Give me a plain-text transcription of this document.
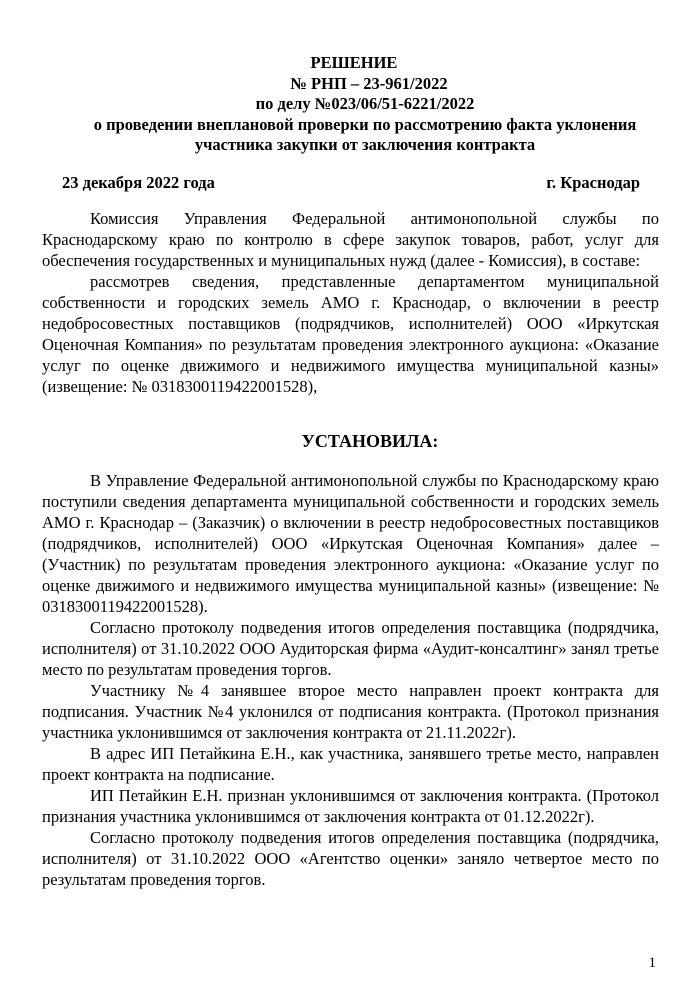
РЕШЕНИЕ
№ РНП – 23-961/2022
по делу №023/06/51-6221/2022
о проведении внеплановой проверки по рассмотрению факта уклонения
участника закупки от заключения контракта
23 декабря 2022 года	г. Краснодар

Комиссия Управления Федеральной антимонопольной службы по Краснодарскому краю по контролю в сфере закупок товаров, работ, услуг для обеспечения государственных и муниципальных нужд (далее - Комиссия), в составе:

рассмотрев сведения, представленные департаментом муниципальной собственности и городских земель АМО г. Краснодар, о включении в реестр недобросовестных поставщиков (подрядчиков, исполнителей) ООО «Иркутская Оценочная Компания» по результатам проведения электронного аукциона: «Оказание услуг по оценке движимого и недвижимого имущества муниципальной казны» (извещение: № 0318300119422001528),

УСТАНОВИЛА:

В Управление Федеральной антимонопольной службы по Краснодарскому краю поступили сведения департамента муниципальной собственности и городских земель АМО г. Краснодар – (Заказчик) о включении в реестр недобросовестных поставщиков (подрядчиков, исполнителей) ООО «Иркутская Оценочная Компания» далее – (Участник) по результатам проведения электронного аукциона: «Оказание услуг по оценке движимого и недвижимого имущества муниципальной казны» (извещение: № 0318300119422001528).

Согласно протоколу подведения итогов определения поставщика (подрядчика, исполнителя) от 31.10.2022 ООО Аудиторская фирма «Аудит-консалтинг» занял третье место по результатам проведения торгов.

Участнику №4 занявшее второе место направлен проект контракта для подписания. Участник №4 уклонился от подписания контракта. (Протокол признания участника уклонившимся от заключения контракта от 21.11.2022г).

В адрес ИП Петайкина Е.Н., как участника, занявшего третье место, направлен проект контракта на подписание.

ИП Петайкин Е.Н. признан уклонившимся от заключения контракта. (Протокол признания участника уклонившимся от заключения контракта от 01.12.2022г).

Согласно протоколу подведения итогов определения поставщика (подрядчика, исполнителя) от 31.10.2022 ООО «Агентство оценки» заняло четвертое место по результатам проведения торгов.

1
